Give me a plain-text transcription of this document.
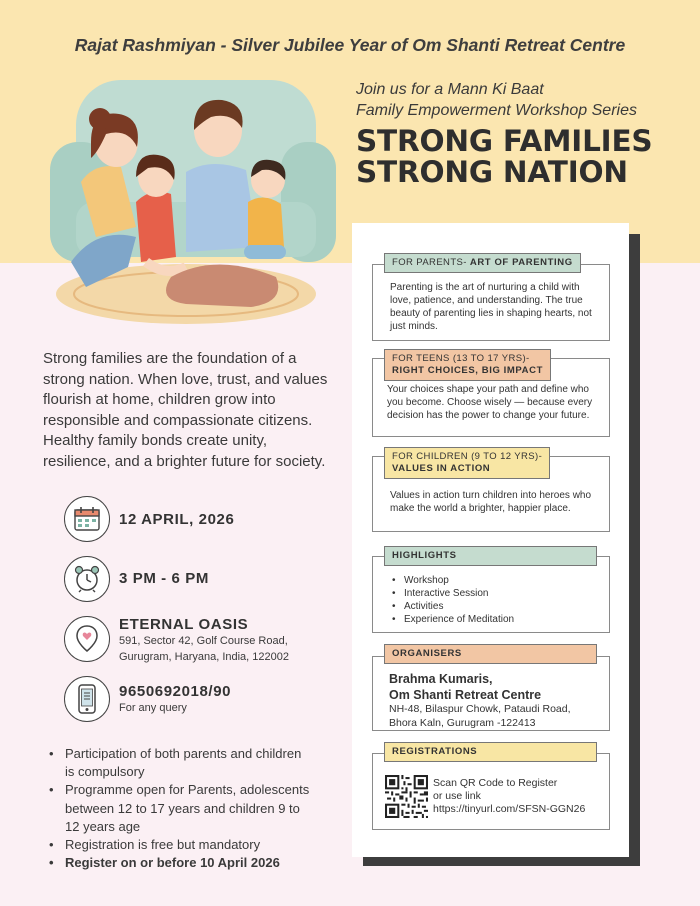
Rajat Rashmiyan - Silver Jubilee Year of Om Shanti Retreat Centre
Join us for a Mann Ki Baat
Family Empowerment Workshop Series
STRONG FAMILIES
STRONG NATION
Strong families are the foundation of a strong nation. When love, trust, and values flourish at home, children grow into responsible and compassionate citizens. Healthy family bonds create unity, resilience, and a brighter future for society.
12 APRIL, 2026
3 PM - 6 PM
ETERNAL OASIS
591, Sector 42, Golf Course Road, Gurugram, Haryana, India, 122002
9650692018/90
For any query
• Participation of both parents and children is compulsory
• Programme open for Parents, adolescents between 12 to 17 years and children 9 to 12 years age
• Registration is free but mandatory
• Register on or before 10 April 2026
FOR PARENTS- ART OF PARENTING
Parenting is the art of nurturing a child with love, patience, and understanding. The true beauty of parenting lies in shaping hearts, not just minds.
FOR TEENS (13 TO 17 YRS)-
RIGHT CHOICES, BIG IMPACT
Your choices shape your path and define who you become. Choose wisely — because every decision has the power to change your future.
FOR CHILDREN (9 TO 12 YRS)-
VALUES IN ACTION
Values in action turn children into heroes who make the world a brighter, happier place.
HIGHLIGHTS
• Workshop
• Interactive Session
• Activities
• Experience of Meditation
ORGANISERS
Brahma Kumaris,
Om Shanti Retreat Centre
NH-48, Bilaspur Chowk, Pataudi Road, Bhora Kaln, Gurugram -122413
REGISTRATIONS
Scan QR Code to Register
or use link
https://tinyurl.com/SFSN-GGN26
